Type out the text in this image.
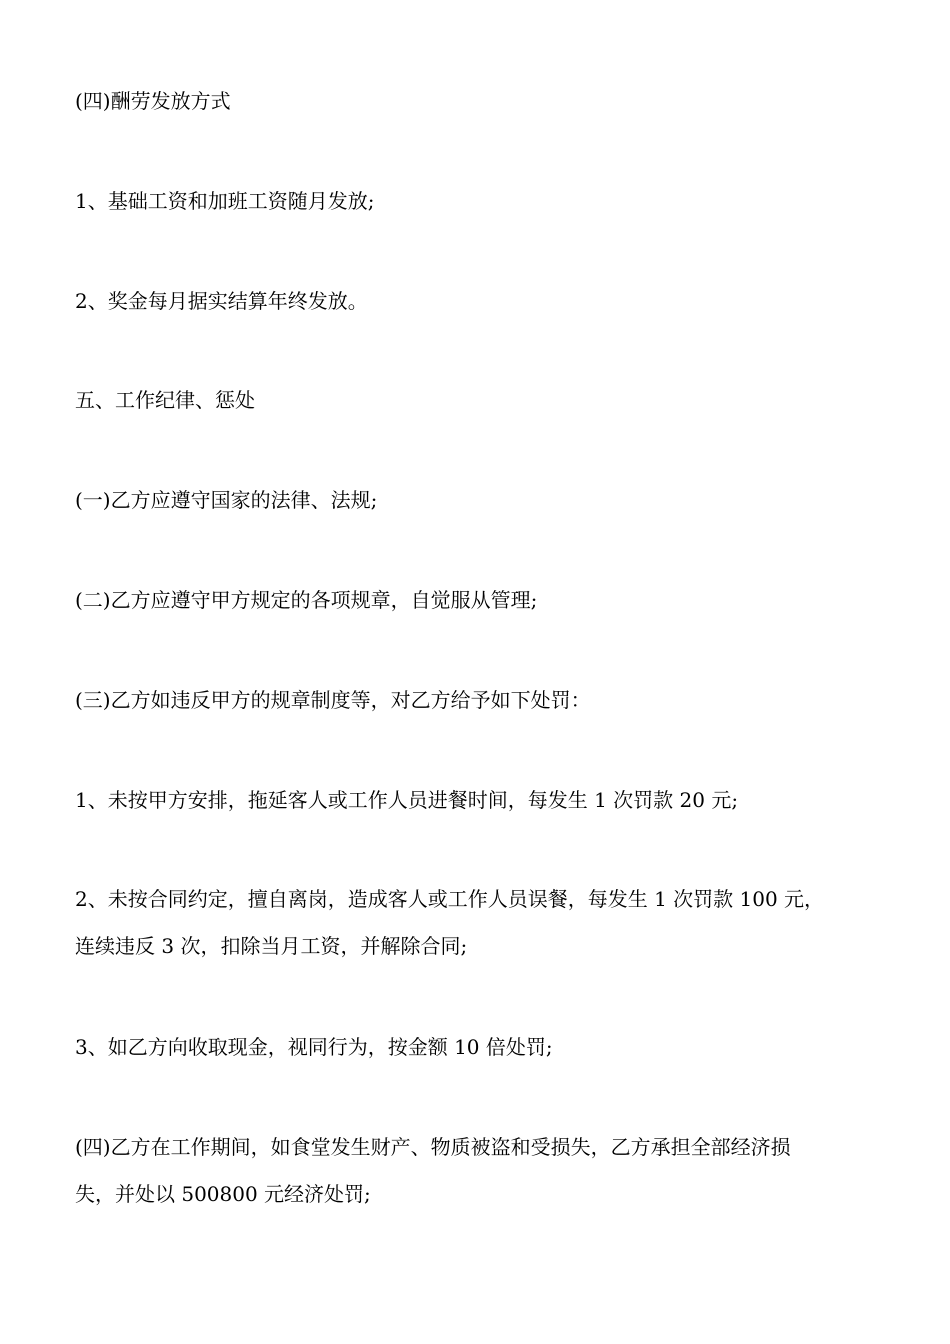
(四)酬劳发放方式

1、基础工资和加班工资随月发放;

2、奖金每月据实结算年终发放。

五、工作纪律、惩处

(一)乙方应遵守国家的法律、法规;

(二)乙方应遵守甲方规定的各项规章，自觉服从管理;

(三)乙方如违反甲方的规章制度等，对乙方给予如下处罚：

1、未按甲方安排，拖延客人或工作人员进餐时间，每发生 1 次罚款 20 元;

2、未按合同约定，擅自离岗，造成客人或工作人员误餐，每发生 1 次罚款 100 元，
连续违反 3 次，扣除当月工资，并解除合同;

3、如乙方向收取现金，视同行为，按金额 10 倍处罚;

(四)乙方在工作期间，如食堂发生财产、物质被盗和受损失，乙方承担全部经济损
失，并处以 500800 元经济处罚;
